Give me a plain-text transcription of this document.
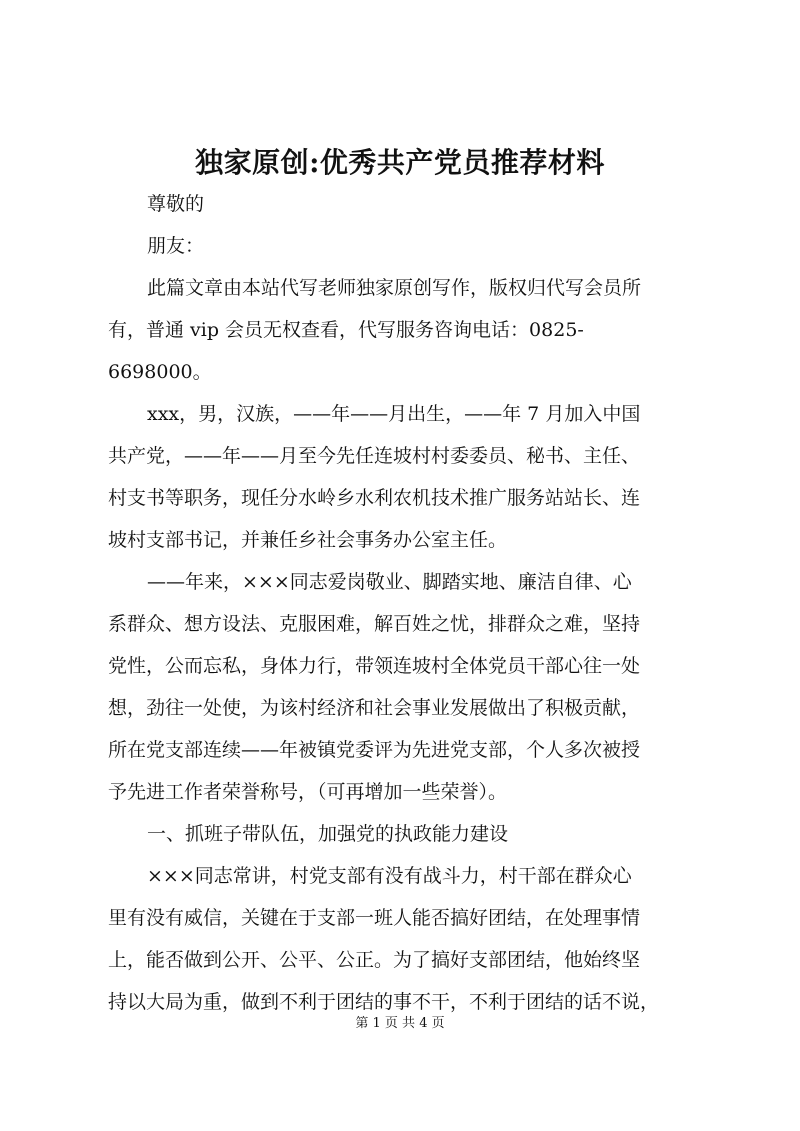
独家原创:优秀共产党员推荐材料
尊敬的
朋友：
此篇文章由本站代写老师独家原创写作，版权归代写会员所
有，普通 vip 会员无权查看，代写服务咨询电话：0825-
6698000。
xxx，男，汉族，——年——月出生，——年 7 月加入中国
共产党，——年——月至今先任连坡村村委委员、秘书、主任、
村支书等职务，现任分水岭乡水利农机技术推广服务站站长、连
坡村支部书记，并兼任乡社会事务办公室主任。
——年来，×××同志爱岗敬业、脚踏实地、廉洁自律、心
系群众、想方设法、克服困难，解百姓之忧，排群众之难，坚持
党性，公而忘私，身体力行，带领连坡村全体党员干部心往一处
想，劲往一处使，为该村经济和社会事业发展做出了积极贡献，
所在党支部连续——年被镇党委评为先进党支部，个人多次被授
予先进工作者荣誉称号，（可再增加一些荣誉）。
一、抓班子带队伍，加强党的执政能力建设
×××同志常讲，村党支部有没有战斗力，村干部在群众心
里有没有威信，关键在于支部一班人能否搞好团结，在处理事情
上，能否做到公开、公平、公正。为了搞好支部团结，他始终坚
持以大局为重，做到不利于团结的事不干，不利于团结的话不说，
第 1 页 共 4 页
